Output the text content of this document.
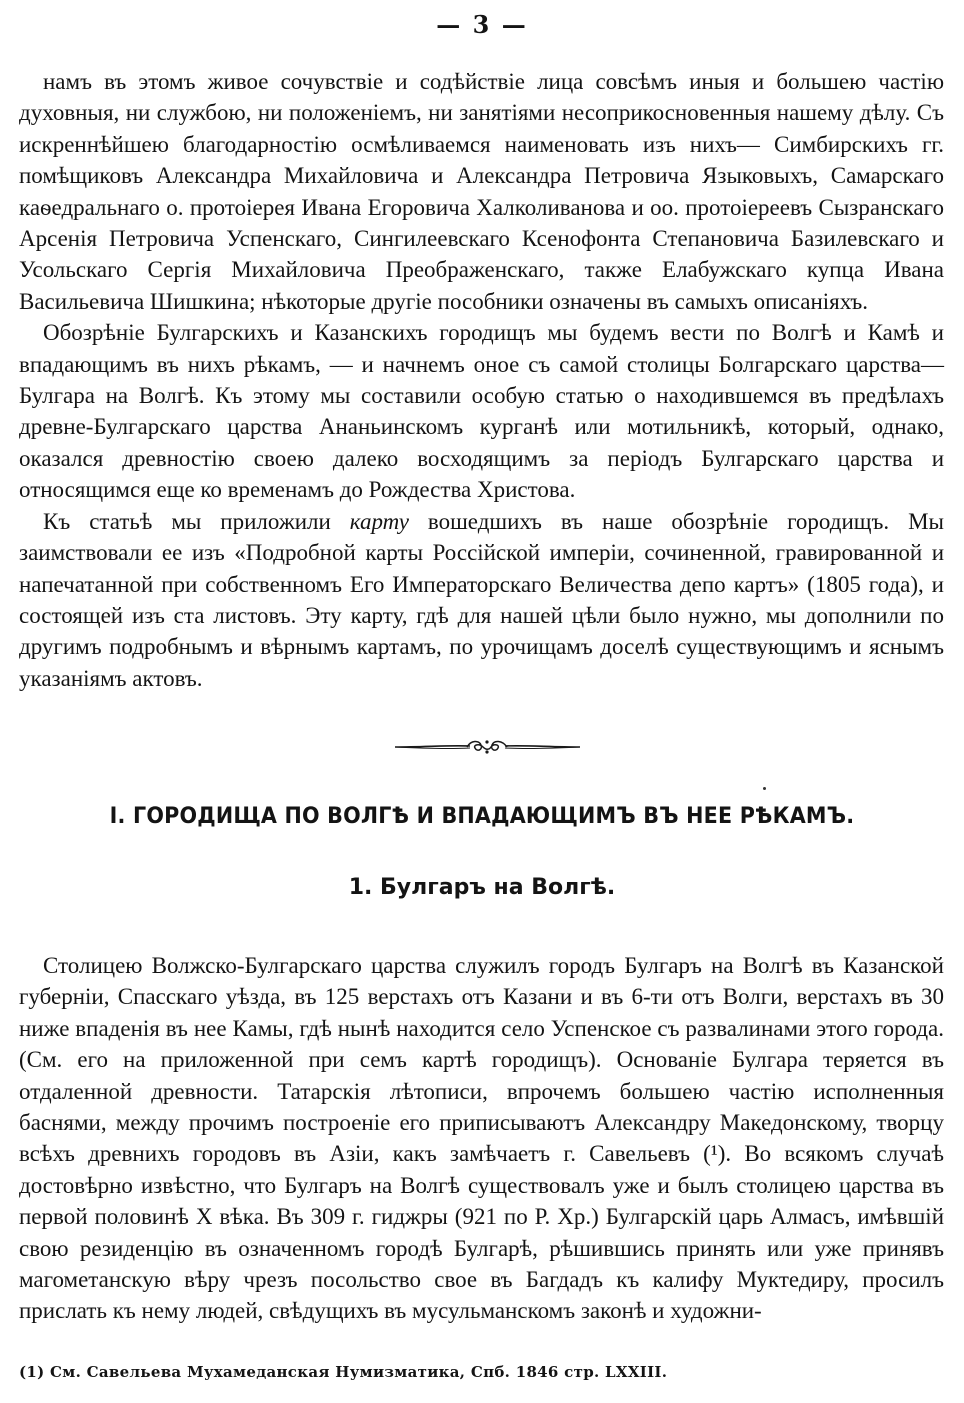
— 3 —

намъ въ этомъ живое сочувствіе и содѣйствіе лица совсѣмъ иныя и большею частію духовныя, ни службою, ни положеніемъ, ни занятіями несоприкосновенныя нашему дѣлу. Съ искреннѣйшею благодарностію осмѣливаемся наименовать изъ нихъ— Симбирскихъ гг. помѣщиковъ Александра Михайловича и Александра Петровича Языковыхъ, Самарскаго каѳедральнаго о. протоіерея Ивана Егоровича Халколиванова и оо. протоіереевъ Сызранскаго Арсенія Петровича Успенскаго, Сингилеевскаго Ксенофонта Степановича Базилевскаго и Усольскаго Сергія Михайловича Преображенскаго, также Елабужскаго купца Ивана Васильевича Шишкина; нѣкоторые другіе пособники означены въ самыхъ описаніяхъ.

Обозрѣніе Булгарскихъ и Казанскихъ городищъ мы будемъ вести по Волгѣ и Камѣ и впадающимъ въ нихъ рѣкамъ, — и начнемъ оное съ самой столицы Болгарскаго царства—Булгара на Волгѣ. Къ этому мы составили особую статью о находившемся въ предѣлахъ древне-Булгарскаго царства Ананьинскомъ курганѣ или мотильникѣ, который, однако, оказался древностію своею далеко восходящимъ за періодъ Булгарскаго царства и относящимся еще ко временамъ до Рождества Христова.

Къ статьѣ мы приложили карту вошедшихъ въ наше обозрѣніе городищъ. Мы заимствовали ее изъ «Подробной карты Россійской имперіи, сочиненной, гравированной и напечатанной при собственномъ Его Императорскаго Величества депо картъ» (1805 года), и состоящей изъ ста листовъ. Эту карту, гдѣ для нашей цѣли было нужно, мы дополнили по другимъ подробнымъ и вѣрнымъ картамъ, по урочищамъ доселѣ существующимъ и яснымъ указаніямъ актовъ.

I. ГОРОДИЩА ПО ВОЛГѢ И ВПАДАЮЩИМЪ ВЪ НЕЕ РѢКАМЪ.
1. Булгаръ на Волгѣ.

Столицею Волжско-Булгарскаго царства служилъ городъ Булгаръ на Волгѣ въ Казанской губерніи, Спасскаго уѣзда, въ 125 верстахъ отъ Казани и въ 6-ти отъ Волги, верстахъ въ 30 ниже впаденія въ нее Камы, гдѣ нынѣ находится село Успенское съ развалинами этого города. (См. его на приложенной при семъ картѣ городищъ). Основаніе Булгара теряется въ отдаленной древности. Татарскія лѣтописи, впрочемъ большею частію исполненныя баснями, между прочимъ построеніе его приписываютъ Александру Македонскому, творцу всѣхъ древнихъ городовъ въ Азіи, какъ замѣчаетъ г. Савельевъ (¹). Во всякомъ случаѣ достовѣрно извѣстно, что Булгаръ на Волгѣ существовалъ уже и былъ столицею царства въ первой половинѣ X вѣка. Въ 309 г. гиджры (921 по Р. Хр.) Булгарскій царь Алмасъ, имѣвшій свою резиденцію въ означенномъ городѣ Булгарѣ, рѣшившись принять или уже принявъ магометанскую вѣру чрезъ посольство свое въ Багдадъ къ калифу Муктедиру, просилъ прислать къ нему людей, свѣдущихъ въ мусульманскомъ законѣ и художни-

(1) См. Савельева Мухамеданская Нумизматика, Спб. 1846 стр. LXXIII.
